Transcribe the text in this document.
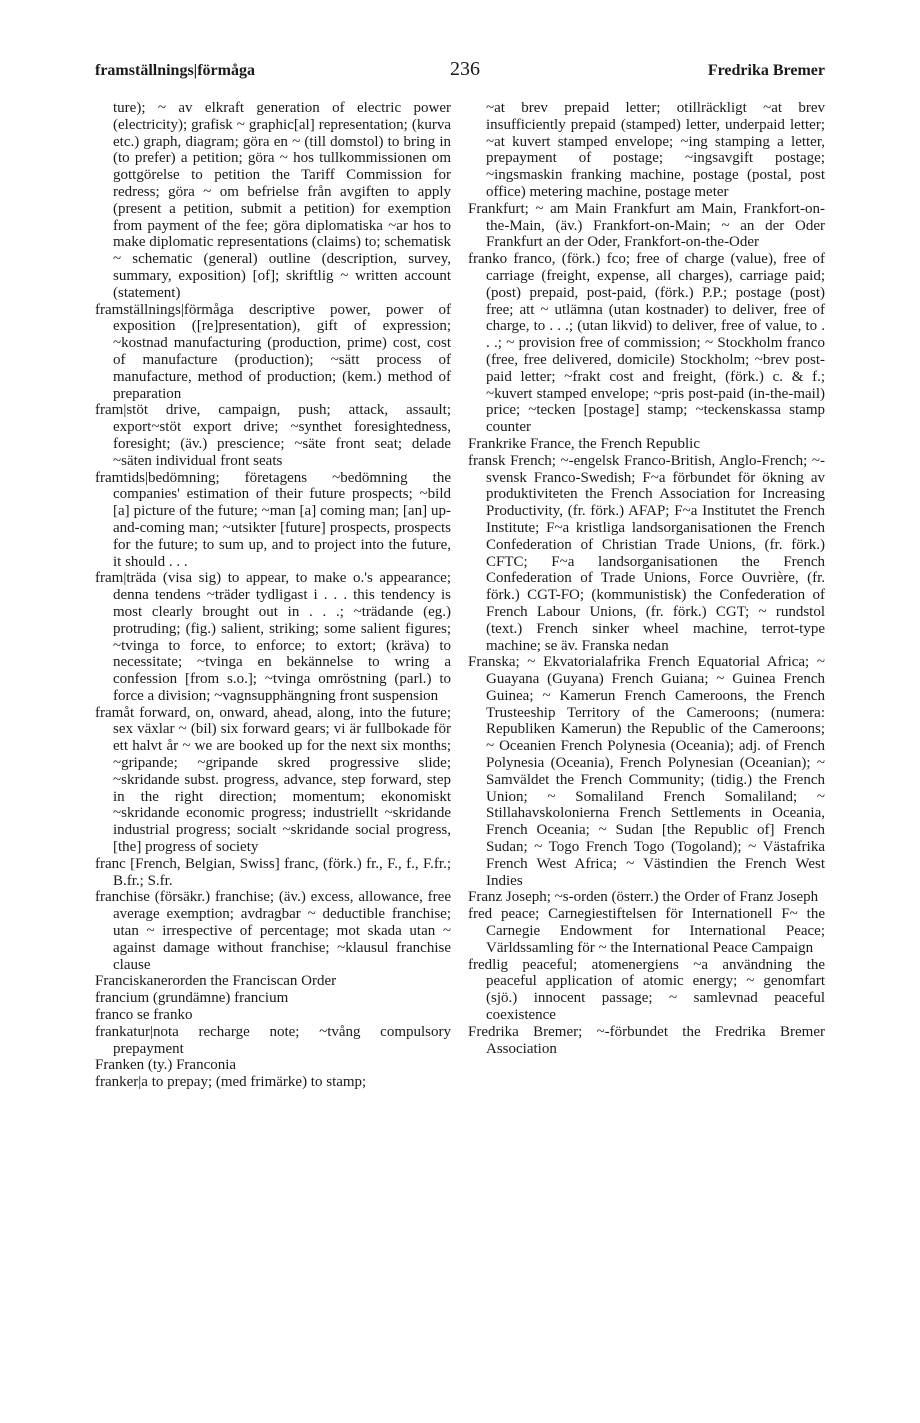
framställnings|förmåga	236	Fredrika Bremer

ture); ~ av elkraft generation of electric power (electricity); grafisk ~ graphic[al] representation; (kurva etc.) graph, diagram; göra en ~ (till domstol) to bring in (to prefer) a petition; göra ~ hos tullkommissionen om gottgörelse to petition the Tariff Commission for redress; göra ~ om befrielse från avgiften to apply (present a petition, submit a petition) for exemption from payment of the fee; göra diplomatiska ~ar hos to make diplomatic representations (claims) to; schematisk ~ schematic (general) outline (description, survey, summary, exposition) [of]; skriftlig ~ written account (statement)

framställnings|förmåga descriptive power, power of exposition ([re]presentation), gift of expression; ~kostnad manufacturing (production, prime) cost, cost of manufacture (production); ~sätt process of manufacture, method of production; (kem.) method of preparation

fram|stöt drive, campaign, push; attack, assault; export~stöt export drive; ~synthet foresightedness, foresight; (äv.) prescience; ~säte front seat; delade ~säten individual front seats

framtids|bedömning; företagens ~bedömning the companies' estimation of their future prospects; ~bild [a] picture of the future; ~man [a] coming man; [an] up-and-coming man; ~utsikter [future] prospects, prospects for the future; to sum up, and to project into the future, it should . . .

fram|träda (visa sig) to appear, to make o.'s appearance; denna tendens ~träder tydligast i . . . this tendency is most clearly brought out in . . .; ~trädande (eg.) protruding; (fig.) salient, striking; some salient figures; ~tvinga to force, to enforce; to extort; (kräva) to necessitate; ~tvinga en bekännelse to wring a confession [from s.o.]; ~tvinga omröstning (parl.) to force a division; ~vagnsupphängning front suspension

framåt forward, on, onward, ahead, along, into the future; sex växlar ~ (bil) six forward gears; vi är fullbokade för ett halvt år ~ we are booked up for the next six months; ~gripande; ~gripande skred progressive slide; ~skridande subst. progress, advance, step forward, step in the right direction; momentum; ekonomiskt ~skridande economic progress; industriellt ~skridande industrial progress; socialt ~skridande social progress, [the] progress of society

franc [French, Belgian, Swiss] franc, (förk.) fr., F., f., F.fr.; B.fr.; S.fr.

franchise (försäkr.) franchise; (äv.) excess, allowance, free average exemption; avdragbar ~ deductible franchise; utan ~ irrespective of percentage; mot skada utan ~ against damage without franchise; ~klausul franchise clause

Franciskanerorden the Franciscan Order

francium (grundämne) francium

franco se franko

frankatur|nota recharge note; ~tvång compulsory prepayment

Franken (ty.) Franconia

franker|a to prepay; (med frimärke) to stamp;

~at brev prepaid letter; otillräckligt ~at brev insufficiently prepaid (stamped) letter, underpaid letter; ~at kuvert stamped envelope; ~ing stamping a letter, prepayment of postage; ~ingsavgift postage; ~ingsmaskin franking machine, postage (postal, post office) metering machine, postage meter

Frankfurt; ~ am Main Frankfurt am Main, Frankfort-on-the-Main, (äv.) Frankfort-on-Main; ~ an der Oder Frankfurt an der Oder, Frankfort-on-the-Oder

franko franco, (förk.) fco; free of charge (value), free of carriage (freight, expense, all charges), carriage paid; (post) prepaid, post-paid, (förk.) P.P.; postage (post) free; att ~ utlämna (utan kostnader) to deliver, free of charge, to . . .; (utan likvid) to deliver, free of value, to . . .; ~ provision free of commission; ~ Stockholm franco (free, free delivered, domicile) Stockholm; ~brev post-paid letter; ~frakt cost and freight, (förk.) c. & f.; ~kuvert stamped envelope; ~pris post-paid (in-the-mail) price; ~tecken [postage] stamp; ~teckenskassa stamp counter

Frankrike France, the French Republic

fransk French; ~-engelsk Franco-British, Anglo-French; ~-svensk Franco-Swedish; F~a förbundet för ökning av produktiviteten the French Association for Increasing Productivity, (fr. förk.) AFAP; F~a Institutet the French Institute; F~a kristliga landsorganisationen the French Confederation of Christian Trade Unions, (fr. förk.) CFTC; F~a landsorganisationen the French Confederation of Trade Unions, Force Ouvrière, (fr. förk.) CGT-FO; (kommunistisk) the Confederation of French Labour Unions, (fr. förk.) CGT; ~ rundstol (text.) French sinker wheel machine, terrot-type machine; se äv. Franska nedan

Franska; ~ Ekvatorialafrika French Equatorial Africa; ~ Guayana (Guyana) French Guiana; ~ Guinea French Guinea; ~ Kamerun French Cameroons, the French Trusteeship Territory of the Cameroons; (numera: Republiken Kamerun) the Republic of the Cameroons; ~ Oceanien French Polynesia (Oceania); adj. of French Polynesia (Oceania), French Polynesian (Oceanian); ~ Samväldet the French Community; (tidig.) the French Union; ~ Somaliland French Somaliland; ~ Stillahavskolonierna French Settlements in Oceania, French Oceania; ~ Sudan [the Republic of] French Sudan; ~ Togo French Togo (Togoland); ~ Västafrika French West Africa; ~ Västindien the French West Indies

Franz Joseph; ~s-orden (österr.) the Order of Franz Joseph

fred peace; Carnegiestiftelsen för Internationell F~ the Carnegie Endowment for International Peace; Världssamling för ~ the International Peace Campaign

fredlig peaceful; atomenergiens ~a användning the peaceful application of atomic energy; ~ genomfart (sjö.) innocent passage; ~ samlevnad peaceful coexistence

Fredrika Bremer; ~-förbundet the Fredrika Bremer Association
